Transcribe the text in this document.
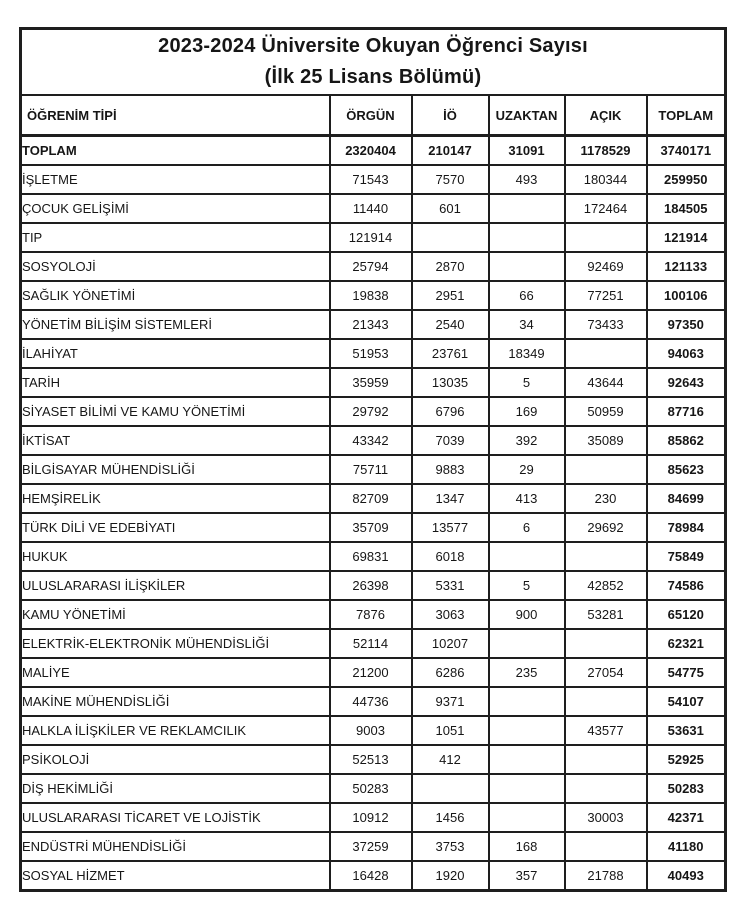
2023-2024 Üniversite Okuyan Öğrenci Sayısı
(İlk 25 Lisans Bölümü)					

ÖĞRENİM TİPİ	ÖRGÜN	İÖ	UZAKTAN	AÇIK	TOPLAM
TOPLAM	2320404	210147	31091	1178529	3740171
İŞLETME	71543	7570	493	180344	259950
ÇOCUK GELİŞİMİ	11440	601		172464	184505
TIP	121914				121914
SOSYOLOJİ	25794	2870		92469	121133
SAĞLIK YÖNETİMİ	19838	2951	66	77251	100106
YÖNETİM BİLİŞİM SİSTEMLERİ	21343	2540	34	73433	97350
İLAHİYAT	51953	23761	18349		94063
TARİH	35959	13035	5	43644	92643
SİYASET BİLİMİ VE KAMU YÖNETİMİ	29792	6796	169	50959	87716
İKTİSAT	43342	7039	392	35089	85862
BİLGİSAYAR MÜHENDİSLİĞİ	75711	9883	29		85623
HEMŞİRELİK	82709	1347	413	230	84699
TÜRK DİLİ VE EDEBİYATI	35709	13577	6	29692	78984
HUKUK	69831	6018			75849
ULUSLARARASI İLİŞKİLER	26398	5331	5	42852	74586
KAMU YÖNETİMİ	7876	3063	900	53281	65120
ELEKTRİK-ELEKTRONİK MÜHENDİSLİĞİ	52114	10207			62321
MALİYE	21200	6286	235	27054	54775
MAKİNE MÜHENDİSLİĞİ	44736	9371			54107
HALKLA İLİŞKİLER VE REKLAMCILIK	9003	1051		43577	53631
PSİKOLOJİ	52513	412			52925
DİŞ HEKİMLİĞİ	50283				50283
ULUSLARARASI TİCARET VE LOJİSTİK	10912	1456		30003	42371
ENDÜSTRİ MÜHENDİSLİĞİ	37259	3753	168		41180
SOSYAL HİZMET	16428	1920	357	21788	40493
